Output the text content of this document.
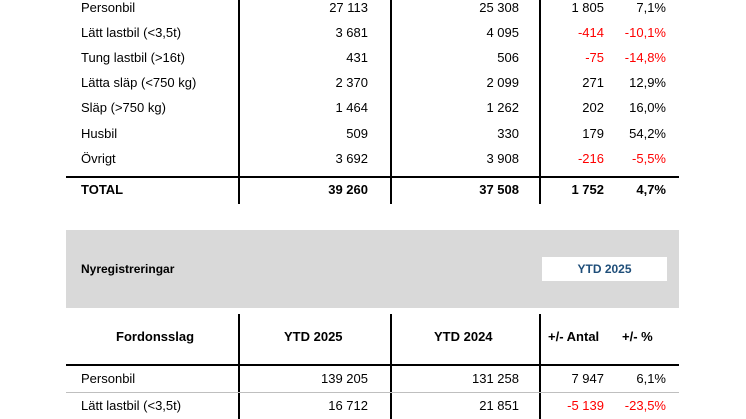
Personbil	27 113	25 308	1 805 7,1%
Lätt lastbil (<3,5t)	3 681	4 095	-414 -10,1%
Tung lastbil (>16t)	431	506	-75 -14,8%
Lätta släp (<750 kg)	2 370	2 099	271 12,9%
Släp (>750 kg)	1 464	1 262	202 16,0%
Husbil	509	330	179 54,2%
Övrigt	3 692	3 908	-216 -5,5%
TOTAL	39 260	37 508	1 752 4,7%
Nyregistreringar	YTD 2025
Fordonsslag	YTD 2025	YTD 2024	+/- Antal +/- %
Personbil	139 205	131 258	7 947 6,1%
Lätt lastbil (<3,5t)	16 712	21 851	-5 139 -23,5%
